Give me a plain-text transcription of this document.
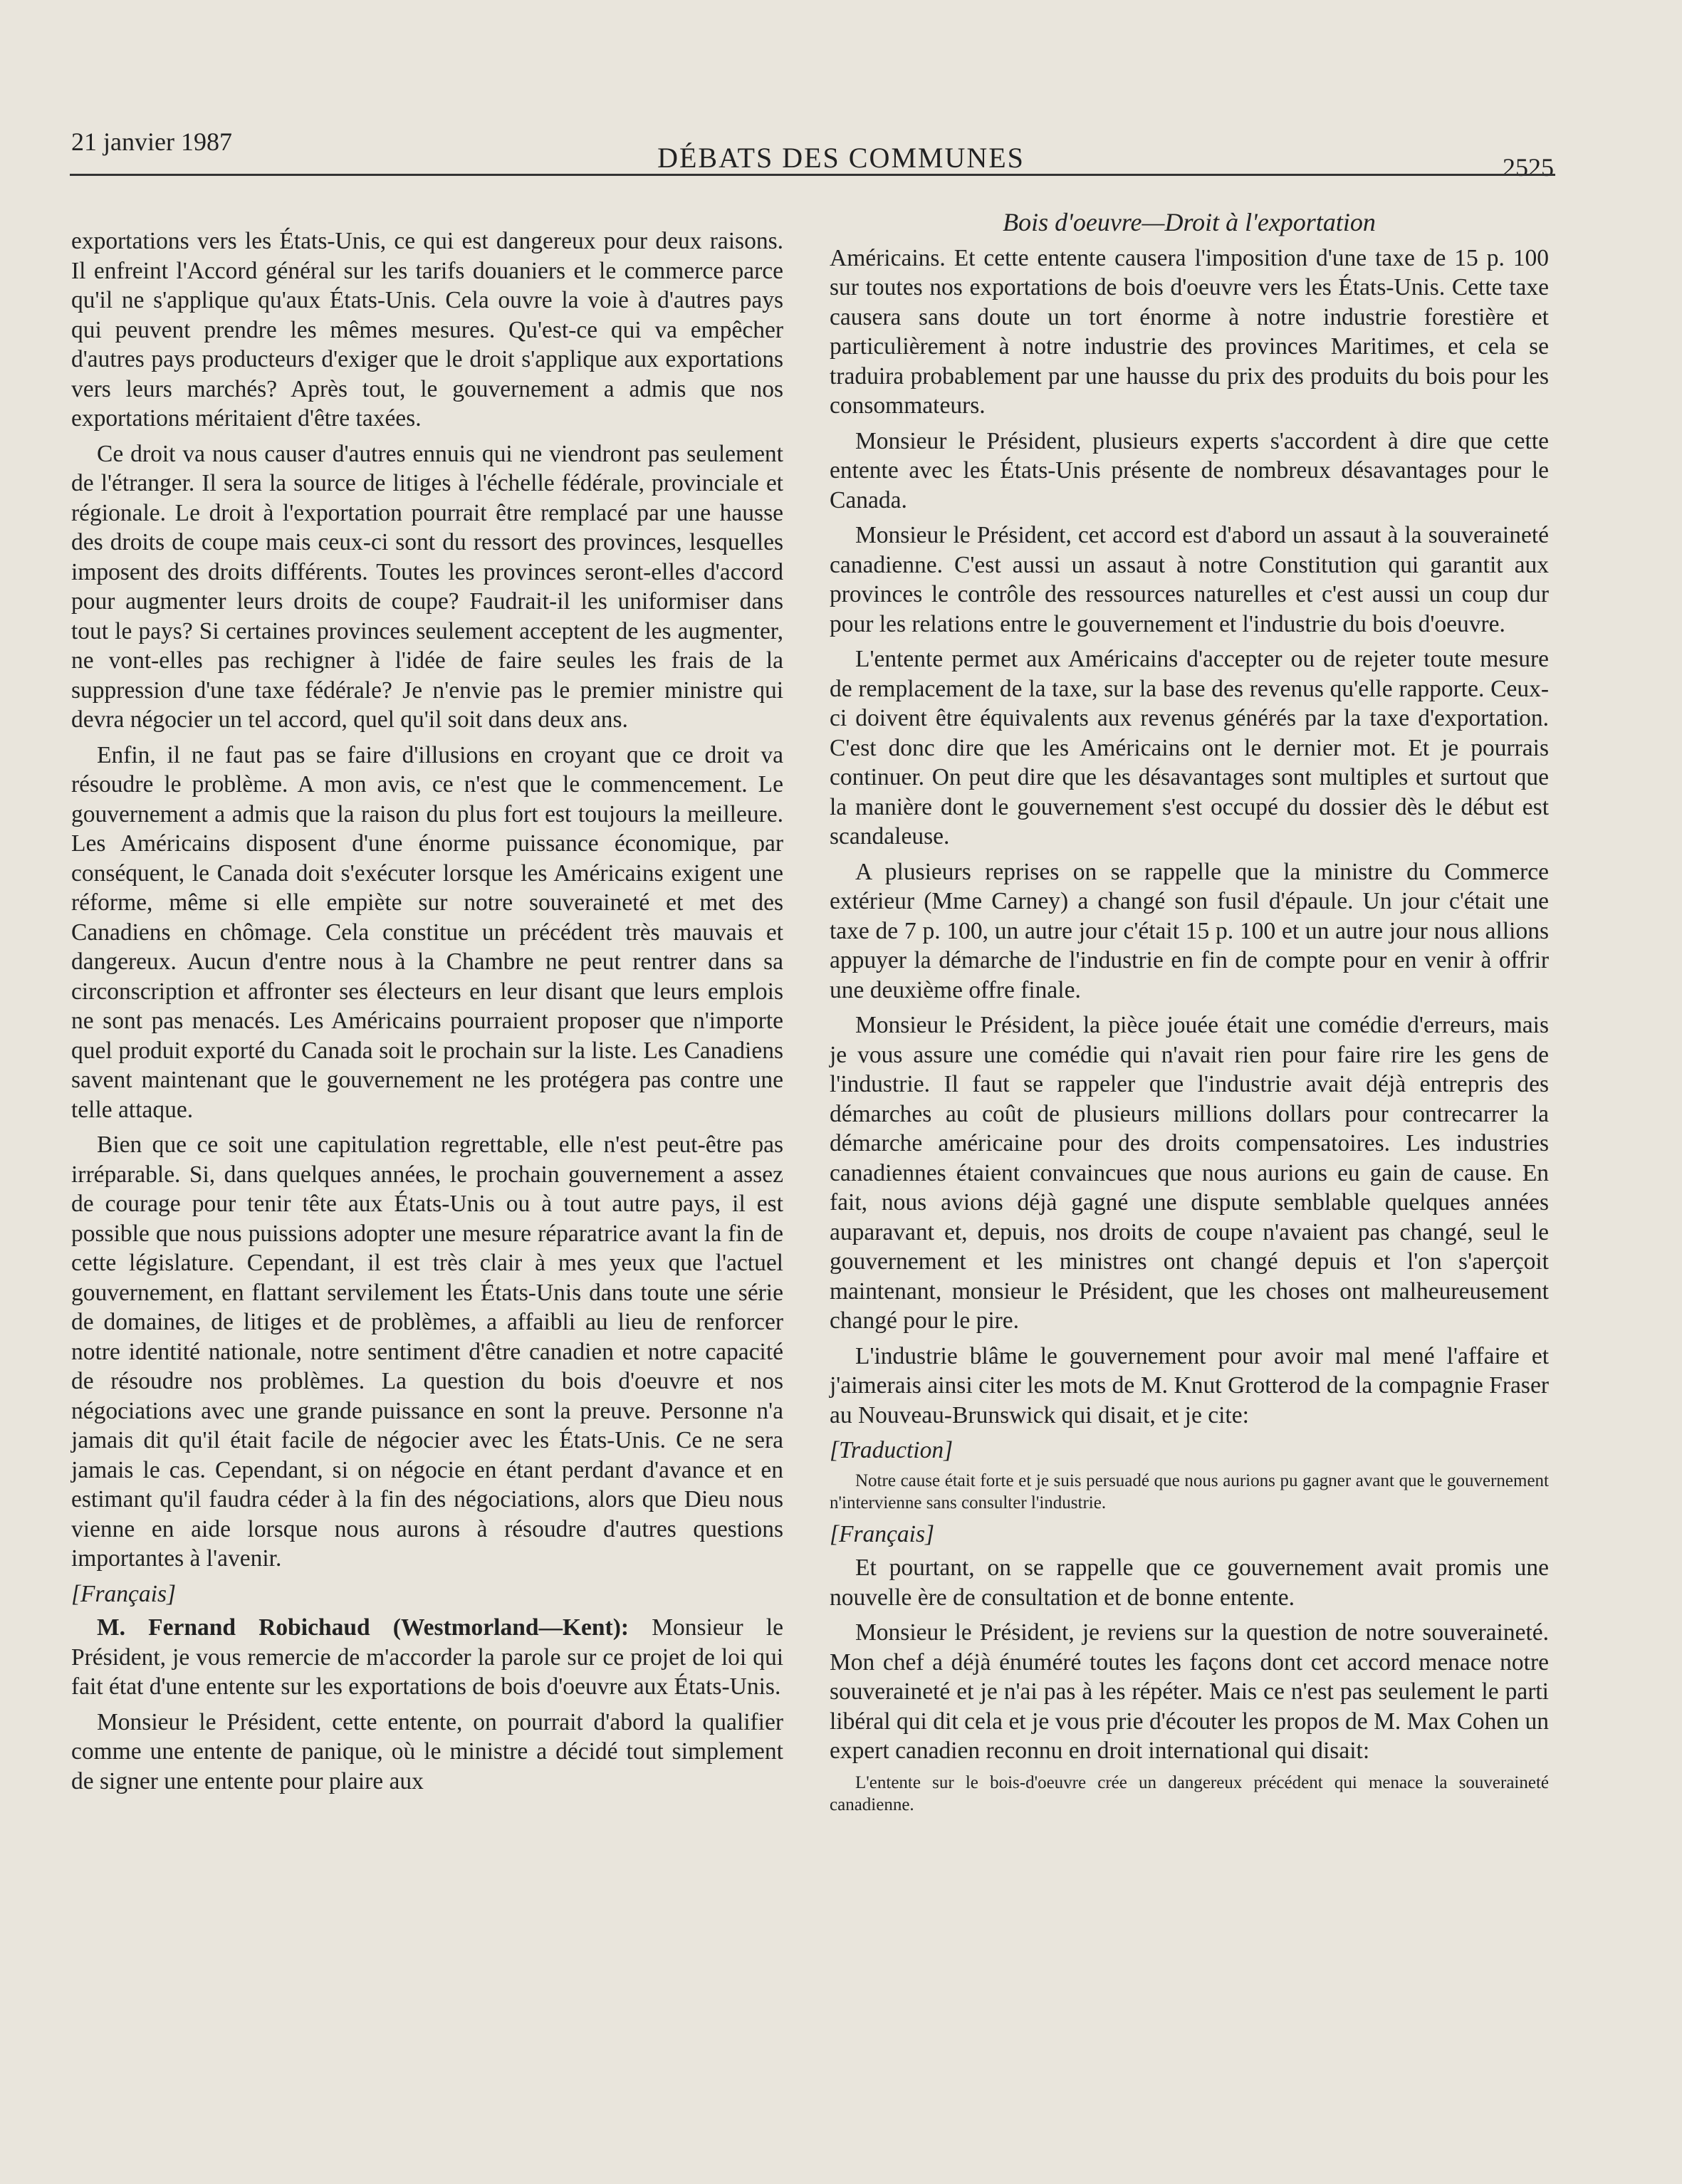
21 janvier 1987	DÉBATS DES COMMUNES	2525

exportations vers les États-Unis, ce qui est dangereux pour deux raisons. Il enfreint l'Accord général sur les tarifs douaniers et le commerce parce qu'il ne s'applique qu'aux États-Unis. Cela ouvre la voie à d'autres pays qui peuvent prendre les mêmes mesures. Qu'est-ce qui va empêcher d'autres pays producteurs d'exiger que le droit s'applique aux exportations vers leurs marchés? Après tout, le gouvernement a admis que nos exportations méritaient d'être taxées.

Ce droit va nous causer d'autres ennuis qui ne viendront pas seulement de l'étranger. Il sera la source de litiges à l'échelle fédérale, provinciale et régionale. Le droit à l'exportation pourrait être remplacé par une hausse des droits de coupe mais ceux-ci sont du ressort des provinces, lesquelles imposent des droits différents. Toutes les provinces seront-elles d'accord pour augmenter leurs droits de coupe? Faudrait-il les uniformiser dans tout le pays? Si certaines provinces seulement acceptent de les augmenter, ne vont-elles pas rechigner à l'idée de faire seules les frais de la suppression d'une taxe fédérale? Je n'envie pas le premier ministre qui devra négocier un tel accord, quel qu'il soit dans deux ans.

Enfin, il ne faut pas se faire d'illusions en croyant que ce droit va résoudre le problème. A mon avis, ce n'est que le commencement. Le gouvernement a admis que la raison du plus fort est toujours la meilleure. Les Américains disposent d'une énorme puissance économique, par conséquent, le Canada doit s'exécuter lorsque les Américains exigent une réforme, même si elle empiète sur notre souveraineté et met des Canadiens en chômage. Cela constitue un précédent très mauvais et dangereux. Aucun d'entre nous à la Chambre ne peut rentrer dans sa circonscription et affronter ses électeurs en leur disant que leurs emplois ne sont pas menacés. Les Américains pourraient proposer que n'importe quel produit exporté du Canada soit le prochain sur la liste. Les Canadiens savent maintenant que le gouvernement ne les protégera pas contre une telle attaque.

Bien que ce soit une capitulation regrettable, elle n'est peut-être pas irréparable. Si, dans quelques années, le prochain gouvernement a assez de courage pour tenir tête aux États-Unis ou à tout autre pays, il est possible que nous puissions adopter une mesure réparatrice avant la fin de cette législature. Cependant, il est très clair à mes yeux que l'actuel gouvernement, en flattant servilement les États-Unis dans toute une série de domaines, de litiges et de problèmes, a affaibli au lieu de renforcer notre identité nationale, notre sentiment d'être canadien et notre capacité de résoudre nos problèmes. La question du bois d'oeuvre et nos négociations avec une grande puissance en sont la preuve. Personne n'a jamais dit qu'il était facile de négocier avec les États-Unis. Ce ne sera jamais le cas. Cependant, si on négocie en étant perdant d'avance et en estimant qu'il faudra céder à la fin des négociations, alors que Dieu nous vienne en aide lorsque nous aurons à résoudre d'autres questions importantes à l'avenir.

[Français]

M. Fernand Robichaud (Westmorland—Kent): Monsieur le Président, je vous remercie de m'accorder la parole sur ce projet de loi qui fait état d'une entente sur les exportations de bois d'oeuvre aux États-Unis.

Monsieur le Président, cette entente, on pourrait d'abord la qualifier comme une entente de panique, où le ministre a décidé tout simplement de signer une entente pour plaire aux

Bois d'oeuvre—Droit à l'exportation

Américains. Et cette entente causera l'imposition d'une taxe de 15 p. 100 sur toutes nos exportations de bois d'oeuvre vers les États-Unis. Cette taxe causera sans doute un tort énorme à notre industrie forestière et particulièrement à notre industrie des provinces Maritimes, et cela se traduira probablement par une hausse du prix des produits du bois pour les consommateurs.

Monsieur le Président, plusieurs experts s'accordent à dire que cette entente avec les États-Unis présente de nombreux désavantages pour le Canada.

Monsieur le Président, cet accord est d'abord un assaut à la souveraineté canadienne. C'est aussi un assaut à notre Constitution qui garantit aux provinces le contrôle des ressources naturelles et c'est aussi un coup dur pour les relations entre le gouvernement et l'industrie du bois d'oeuvre.

L'entente permet aux Américains d'accepter ou de rejeter toute mesure de remplacement de la taxe, sur la base des revenus qu'elle rapporte. Ceux-ci doivent être équivalents aux revenus générés par la taxe d'exportation. C'est donc dire que les Américains ont le dernier mot. Et je pourrais continuer. On peut dire que les désavantages sont multiples et surtout que la manière dont le gouvernement s'est occupé du dossier dès le début est scandaleuse.

A plusieurs reprises on se rappelle que la ministre du Commerce extérieur (Mme Carney) a changé son fusil d'épaule. Un jour c'était une taxe de 7 p. 100, un autre jour c'était 15 p. 100 et un autre jour nous allions appuyer la démarche de l'industrie en fin de compte pour en venir à offrir une deuxième offre finale.

Monsieur le Président, la pièce jouée était une comédie d'erreurs, mais je vous assure une comédie qui n'avait rien pour faire rire les gens de l'industrie. Il faut se rappeler que l'industrie avait déjà entrepris des démarches au coût de plusieurs millions dollars pour contrecarrer la démarche américaine pour des droits compensatoires. Les industries canadiennes étaient convaincues que nous aurions eu gain de cause. En fait, nous avions déjà gagné une dispute semblable quelques années auparavant et, depuis, nos droits de coupe n'avaient pas changé, seul le gouvernement et les ministres ont changé depuis et l'on s'aperçoit maintenant, monsieur le Président, que les choses ont malheureusement changé pour le pire.

L'industrie blâme le gouvernement pour avoir mal mené l'affaire et j'aimerais ainsi citer les mots de M. Knut Grotterod de la compagnie Fraser au Nouveau-Brunswick qui disait, et je cite:

[Traduction]

Notre cause était forte et je suis persuadé que nous aurions pu gagner avant que le gouvernement n'intervienne sans consulter l'industrie.

[Français]

Et pourtant, on se rappelle que ce gouvernement avait promis une nouvelle ère de consultation et de bonne entente.

Monsieur le Président, je reviens sur la question de notre souveraineté. Mon chef a déjà énuméré toutes les façons dont cet accord menace notre souveraineté et je n'ai pas à les répéter. Mais ce n'est pas seulement le parti libéral qui dit cela et je vous prie d'écouter les propos de M. Max Cohen un expert canadien reconnu en droit international qui disait:

L'entente sur le bois-d'oeuvre crée un dangereux précédent qui menace la souveraineté canadienne.
